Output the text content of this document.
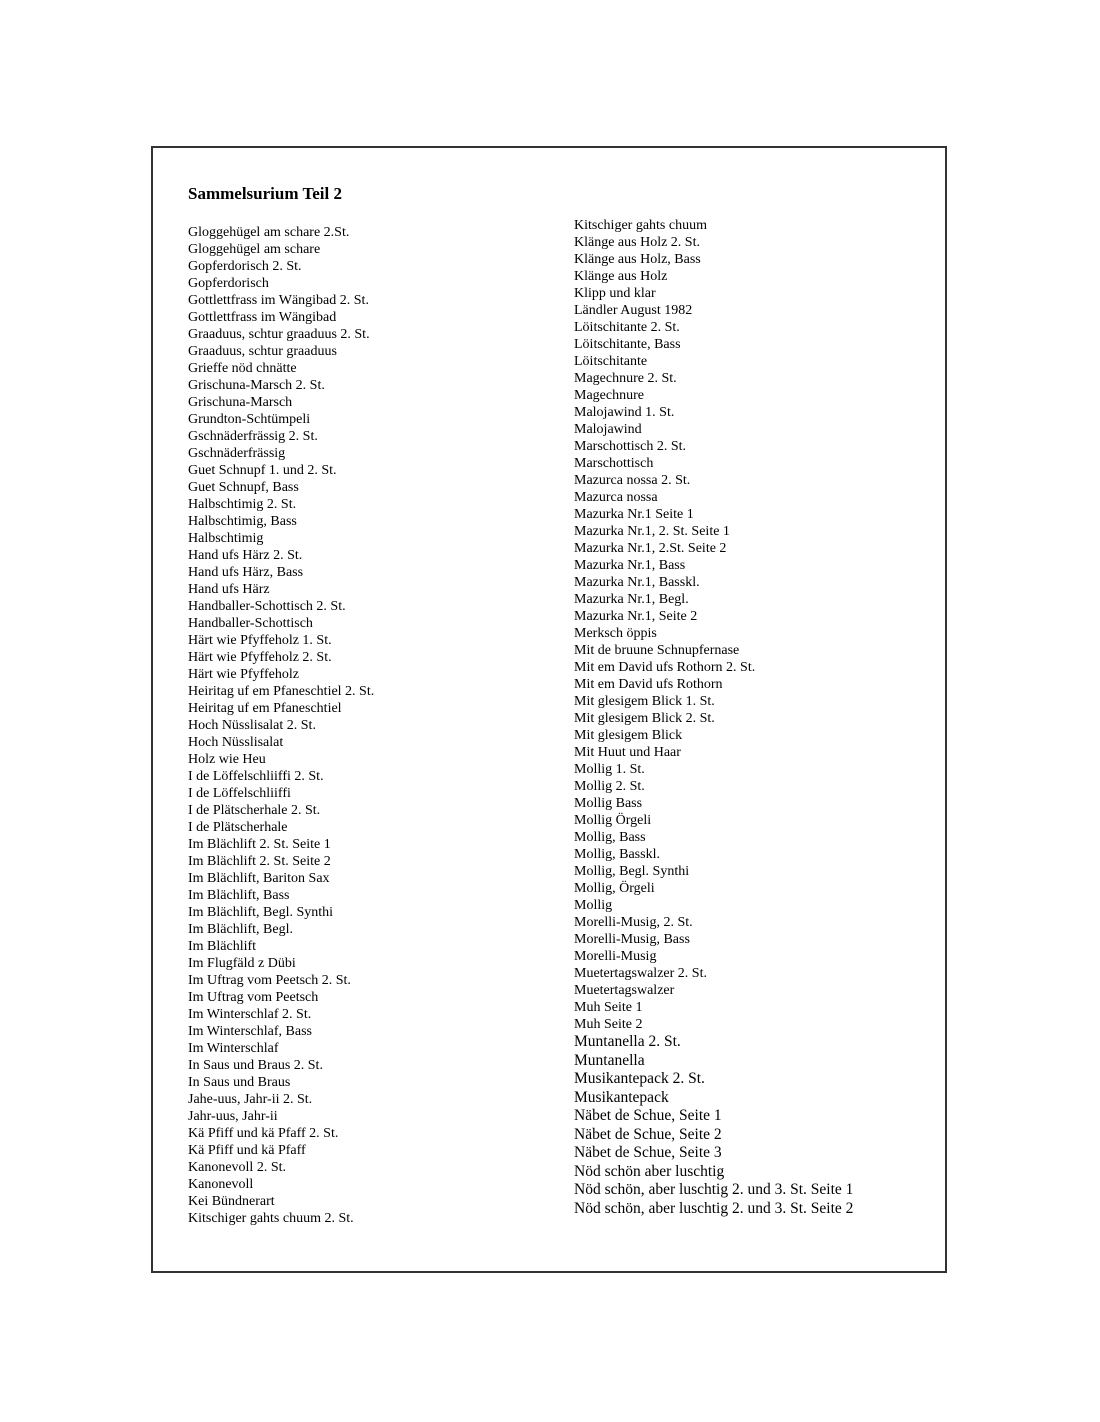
Sammelsurium Teil 2
Gloggehügel am schare 2.St.
Gloggehügel am schare
Gopferdorisch 2. St.
Gopferdorisch
Gottlettfrass im Wängibad 2. St.
Gottlettfrass im Wängibad
Graaduus, schtur graaduus 2. St.
Graaduus, schtur graaduus
Grieffe nöd chnätte
Grischuna-Marsch 2. St.
Grischuna-Marsch
Grundton-Schtümpeli
Gschnäderfrässig 2. St.
Gschnäderfrässig
Guet Schnupf 1. und 2. St.
Guet Schnupf, Bass
Halbschtimig 2. St.
Halbschtimig, Bass
Halbschtimig
Hand ufs Härz 2. St.
Hand ufs Härz, Bass
Hand ufs Härz
Handballer-Schottisch 2. St.
Handballer-Schottisch
Härt wie Pfyffeholz 1. St.
Härt wie Pfyffeholz 2. St.
Härt wie Pfyffeholz
Heiritag uf em Pfaneschtiel 2. St.
Heiritag uf em Pfaneschtiel
Hoch Nüsslisalat 2. St.
Hoch Nüsslisalat
Holz wie Heu
I de Löffelschliiffi 2. St.
I de Löffelschliiffi
I de Plätscherhale 2. St.
I de Plätscherhale
Im Blächlift 2. St. Seite 1
Im Blächlift 2. St. Seite 2
Im Blächlift, Bariton Sax
Im Blächlift, Bass
Im Blächlift, Begl. Synthi
Im Blächlift, Begl.
Im Blächlift
Im Flugfäld z Dübi
Im Uftrag vom Peetsch 2. St.
Im Uftrag vom Peetsch
Im Winterschlaf 2. St.
Im Winterschlaf, Bass
Im Winterschlaf
In Saus und Braus 2. St.
In Saus und Braus
Jahe-uus, Jahr-ii 2. St.
Jahr-uus, Jahr-ii
Kä Pfiff und kä Pfaff 2. St.
Kä Pfiff und kä Pfaff
Kanonevoll 2. St.
Kanonevoll
Kei Bündnerart
Kitschiger gahts chuum 2. St.
Kitschiger gahts chuum
Klänge aus Holz 2. St.
Klänge aus Holz, Bass
Klänge aus Holz
Klipp und klar
Ländler August 1982
Löitschitante 2. St.
Löitschitante, Bass
Löitschitante
Magechnure 2. St.
Magechnure
Malojawind 1. St.
Malojawind
Marschottisch 2. St.
Marschottisch
Mazurca nossa 2. St.
Mazurca nossa
Mazurka Nr.1 Seite 1
Mazurka Nr.1, 2. St. Seite 1
Mazurka Nr.1, 2.St. Seite 2
Mazurka Nr.1, Bass
Mazurka Nr.1, Basskl.
Mazurka Nr.1, Begl.
Mazurka Nr.1, Seite 2
Merksch öppis
Mit de bruune Schnupfernase
Mit em David ufs Rothorn 2. St.
Mit em David ufs Rothorn
Mit glesigem Blick 1. St.
Mit glesigem Blick 2. St.
Mit glesigem Blick
Mit Huut und Haar
Mollig 1. St.
Mollig 2. St.
Mollig Bass
Mollig Örgeli
Mollig, Bass
Mollig, Basskl.
Mollig, Begl. Synthi
Mollig, Örgeli
Mollig
Morelli-Musig, 2. St.
Morelli-Musig, Bass
Morelli-Musig
Muetertagswalzer 2. St.
Muetertagswalzer
Muh Seite 1
Muh Seite 2
Muntanella 2. St.
Muntanella
Musikantepack 2. St.
Musikantepack
Näbet de Schue, Seite 1
Näbet de Schue, Seite 2
Näbet de Schue, Seite 3
Nöd schön aber luschtig
Nöd schön, aber luschtig 2. und 3. St. Seite 1
Nöd schön, aber luschtig 2. und 3. St. Seite 2
